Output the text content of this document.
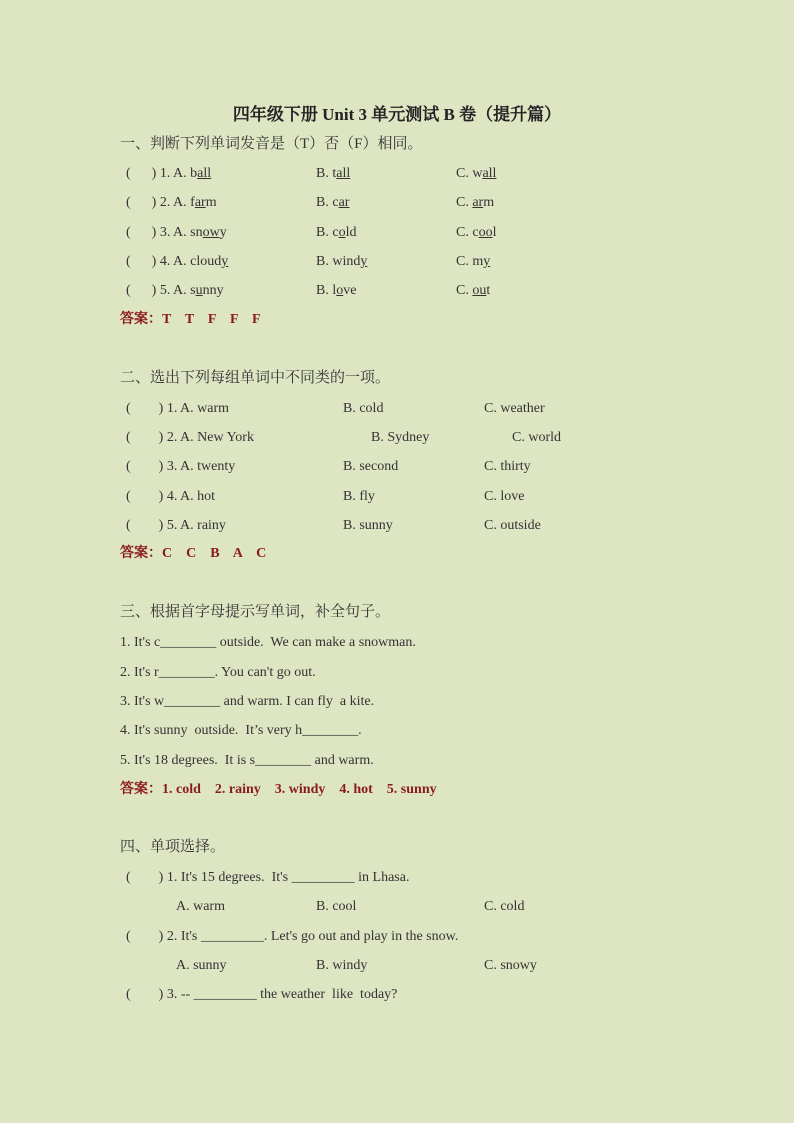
四年级下册 Unit 3 单元测试 B 卷（提升篇）
一、判断下列单词发音是（T）否（F）相同。
(      ) 1. A. ball	B. tall	C. wall
(      ) 2. A. farm	B. car	C. arm
(      ) 3. A. snowy	B. cold	C. cool
(      ) 4. A. cloudy	B. windy	C. my
(      ) 5. A. sunny	B. love	C. out
答案：T    T    F    F    F
二、选出下列每组单词中不同类的一项。
(        ) 1. A. warm	B. cold	C. weather
(        ) 2. A. New York	B. Sydney	C. world
(        ) 3. A. twenty	B. second	C. thirty
(        ) 4. A. hot	B. fly	C. love
(        ) 5. A. rainy	B. sunny	C. outside
答案：C    C    B    A    C
三、根据首字母提示写单词，补全句子。
1. It's c________ outside.  We can make a snowman.
2. It's r________. You can't go out.
3. It's w________ and warm. I can fly  a kite.
4. It's sunny  outside.  It’s very h________.
5. It's 18 degrees.  It is s________ and warm.
答案：1. cold    2. rainy    3. windy    4. hot    5. sunny
四、单项选择。
(        ) 1. It's 15 degrees.  It's _________ in Lhasa.
A. warm	B. cool	C. cold
(        ) 2. It's _________. Let's go out and play in the snow.
A. sunny	B. windy	C. snowy
(        ) 3. -- _________ the weather  like  today?
